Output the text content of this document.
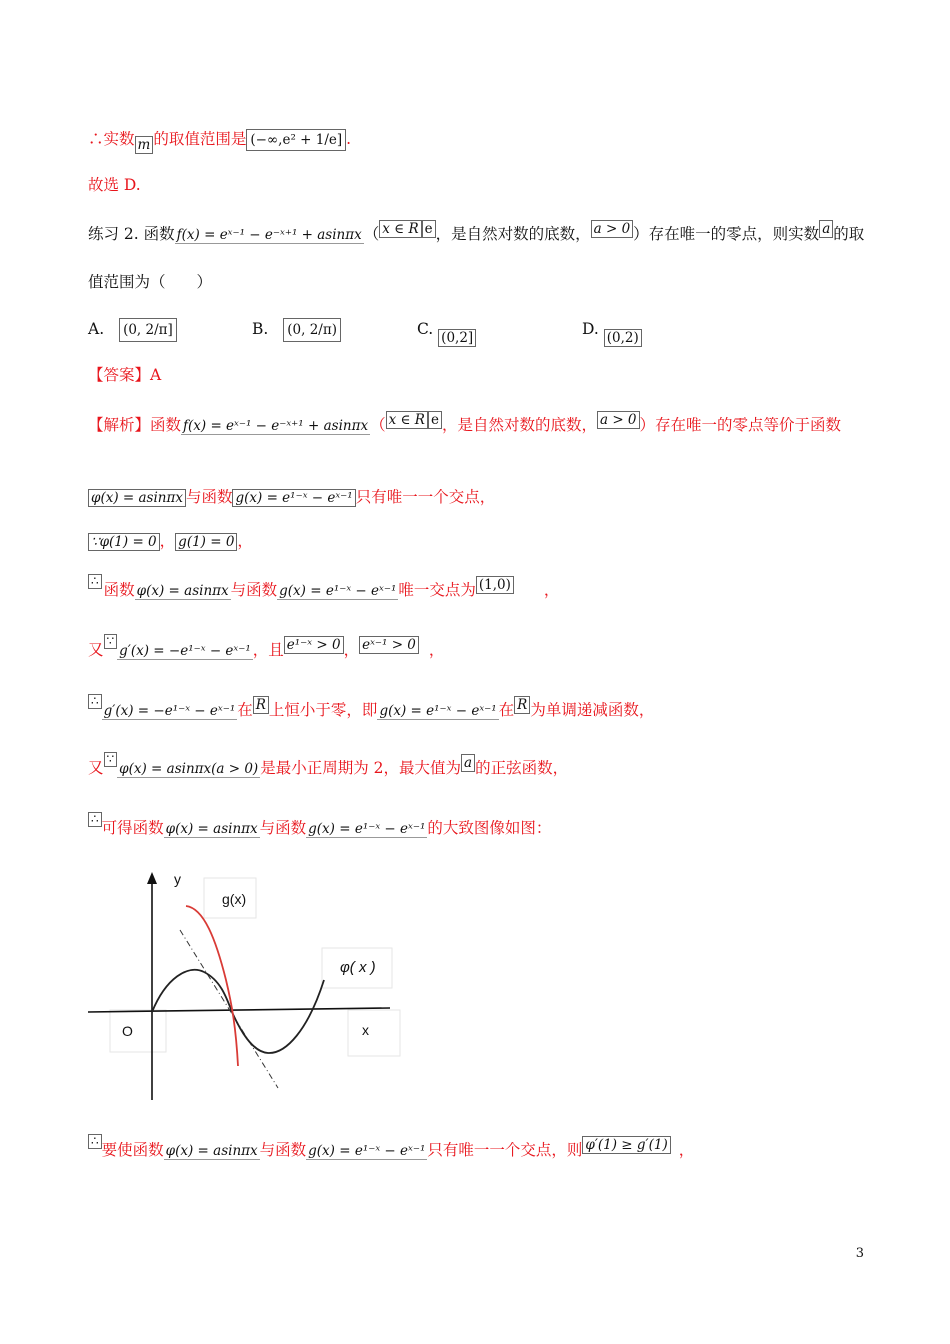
∴实数 m 的取值范围是 (−∞,e² + 1/e] .
故选 D.
练习 2. 函数 f(x) = eˣ⁻¹ − e⁻ˣ⁺¹ + asinπx （ x ∈ R e ，是自然对数的底数， a > 0 ）存在唯一的零点，则实数 a 的取
值范围为（　　）
A. (0, 2/π]	B. (0, 2/π)	C. (0,2]	D. (0,2)
【答案】A
【解析】函数 f(x) = eˣ⁻¹ − e⁻ˣ⁺¹ + asinπx （ x ∈ R e ，是自然对数的底数， a > 0 ）存在唯一的零点等价于函数
φ(x) = asinπx 与函数 g(x) = e¹⁻ˣ − eˣ⁻¹ 只有唯一一个交点，
∵φ(1) = 0 ， g(1) = 0 ，
∴ 函数 φ(x) = asinπx 与函数 g(x) = e¹⁻ˣ − eˣ⁻¹ 唯一交点为 (1,0) ，
又 ∵g′(x) = −e¹⁻ˣ − eˣ⁻¹ ，且 e¹⁻ˣ > 0 ， eˣ⁻¹ > 0 ，
∴g′(x) = −e¹⁻ˣ − eˣ⁻¹ 在 R 上恒小于零，即 g(x) = e¹⁻ˣ − eˣ⁻¹ 在 R 为单调递减函数，
又 ∵φ(x) = asinπx(a > 0) 是最小正周期为 2，最大值为 a 的正弦函数，
∴ 可得函数 φ(x) = asinπx 与函数 g(x) = e¹⁻ˣ − eˣ⁻¹ 的大致图像如图：
y
x
O
g(x)
φ( x )
∴ 要使函数 φ(x) = asinπx 与函数 g(x) = e¹⁻ˣ − eˣ⁻¹ 只有唯一一个交点，则 φ′(1) ≥ g′(1) ，
3
